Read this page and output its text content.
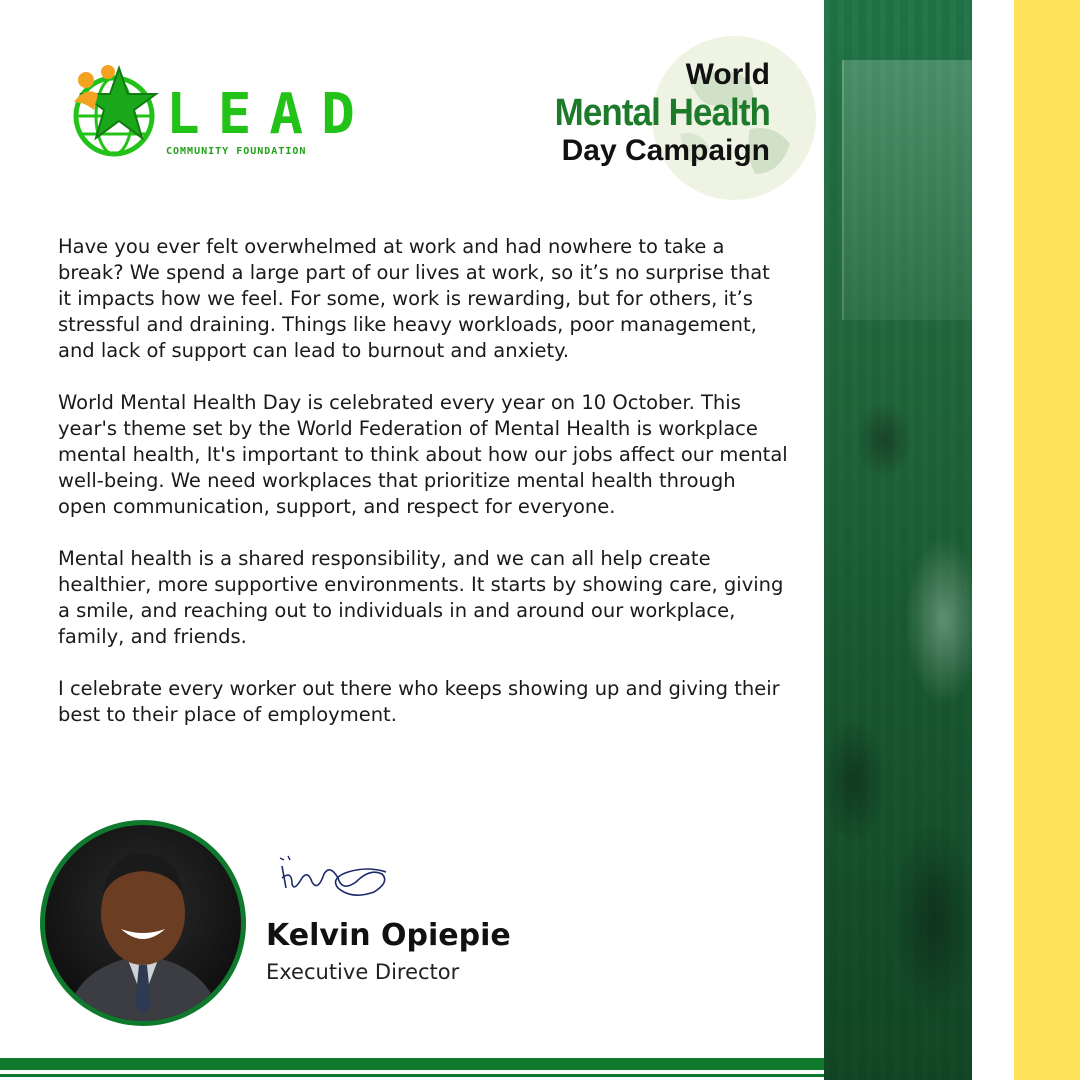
LEAD
COMMUNITY FOUNDATION
World
Mental Health
Day Campaign

Have you ever felt overwhelmed at work and had nowhere to take a break? We spend a large part of our lives at work, so it’s no surprise that it impacts how we feel. For some, work is rewarding, but for others, it’s stressful and draining. Things like heavy workloads, poor management, and lack of support can lead to burnout and anxiety.

World Mental Health Day is celebrated every year on 10 October. This year's theme set by the World Federation of Mental Health is workplace mental health, It's important to think about how our jobs affect our mental well-being. We need workplaces that prioritize mental health through open communication, support, and respect for everyone.

Mental health is a shared responsibility, and we can all help create healthier, more supportive environments. It starts by showing care, giving a smile, and reaching out to individuals in and around our workplace, family, and friends.

I celebrate every worker out there who keeps showing up and giving their best to their place of employment.

Kelvin Opiepie
Executive Director
